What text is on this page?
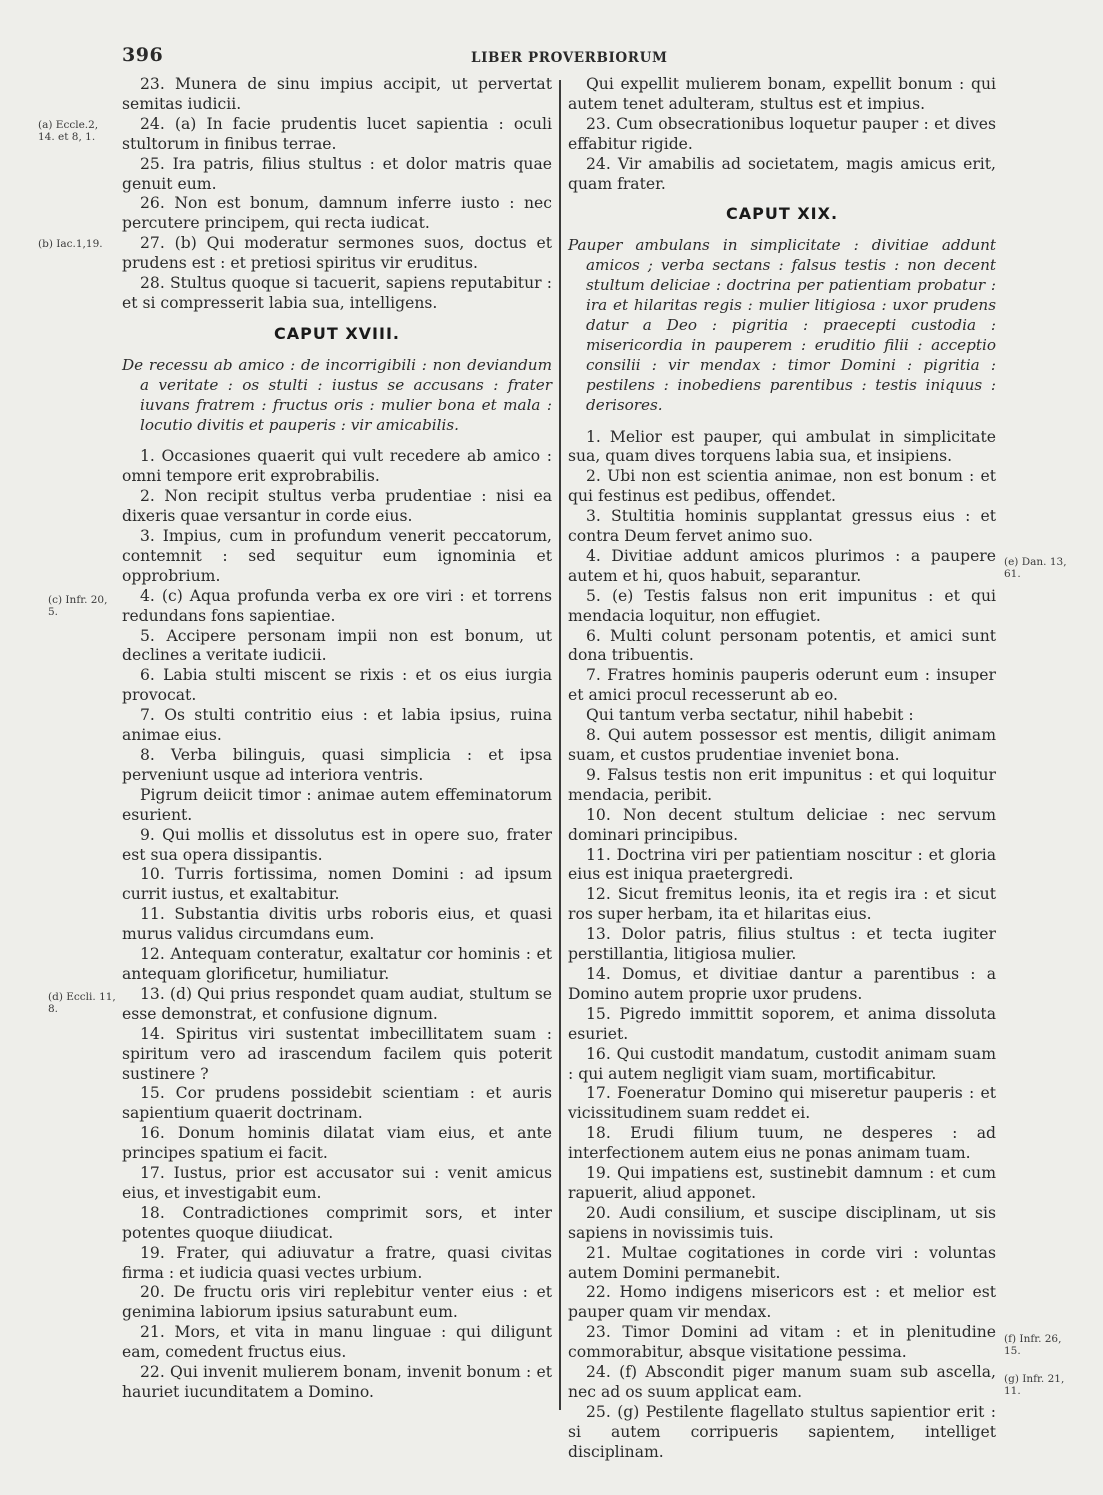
396	LIBER PROVERBIORUM

23. Munera de sinu impius accipit, ut pervertat semitas iudicii.

24. (a) In facie prudentis lucet sapientia : oculi stultorum in finibus terrae.

25. Ira patris, filius stultus : et dolor matris quae genuit eum.

26. Non est bonum, damnum inferre iusto : nec percutere principem, qui recta iudicat.

27. (b) Qui moderatur sermones suos, doctus et prudens est : et pretiosi spiritus vir eruditus.

28. Stultus quoque si tacuerit, sapiens reputabitur : et si compresserit labia sua, intelligens.

CAPUT XVIII.

De recessu ab amico : de incorrigibili : non deviandum a veritate : os stulti : iustus se accusans : frater iuvans fratrem : fructus oris : mulier bona et mala : locutio divitis et pauperis : vir amicabilis.

1. Occasiones quaerit qui vult recedere ab amico : omni tempore erit exprobrabilis.

2. Non recipit stultus verba prudentiae : nisi ea dixeris quae versantur in corde eius.

3. Impius, cum in profundum venerit peccatorum, contemnit : sed sequitur eum ignominia et opprobrium.

4. (c) Aqua profunda verba ex ore viri : et torrens redundans fons sapientiae.

5. Accipere personam impii non est bonum, ut declines a veritate iudicii.

6. Labia stulti miscent se rixis : et os eius iurgia provocat.

7. Os stulti contritio eius : et labia ipsius, ruina animae eius.

8. Verba bilinguis, quasi simplicia : et ipsa perveniunt usque ad interiora ventris.

Pigrum deiicit timor : animae autem effeminatorum esurient.

9. Qui mollis et dissolutus est in opere suo, frater est sua opera dissipantis.

10. Turris fortissima, nomen Domini : ad ipsum currit iustus, et exaltabitur.

11. Substantia divitis urbs roboris eius, et quasi murus validus circumdans eum.

12. Antequam conteratur, exaltatur cor hominis : et antequam glorificetur, humiliatur.

13. (d) Qui prius respondet quam audiat, stultum se esse demonstrat, et confusione dignum.

14. Spiritus viri sustentat imbecillitatem suam : spiritum vero ad irascendum facilem quis poterit sustinere ?

15. Cor prudens possidebit scientiam : et auris sapientium quaerit doctrinam.

16. Donum hominis dilatat viam eius, et ante principes spatium ei facit.

17. Iustus, prior est accusator sui : venit amicus eius, et investigabit eum.

18. Contradictiones comprimit sors, et inter potentes quoque diiudicat.

19. Frater, qui adiuvatur a fratre, quasi civitas firma : et iudicia quasi vectes urbium.

20. De fructu oris viri replebitur venter eius : et genimina labiorum ipsius saturabunt eum.

21. Mors, et vita in manu linguae : qui diligunt eam, comedent fructus eius.

22. Qui invenit mulierem bonam, invenit bonum : et hauriet iucunditatem a Domino.

Qui expellit mulierem bonam, expellit bonum : qui autem tenet adulteram, stultus est et impius.

23. Cum obsecrationibus loquetur pauper : et dives effabitur rigide.

24. Vir amabilis ad societatem, magis amicus erit, quam frater.

CAPUT XIX.

Pauper ambulans in simplicitate : divitiae addunt amicos ; verba sectans : falsus testis : non decent stultum deliciae : doctrina per patientiam probatur : ira et hilaritas regis : mulier litigiosa : uxor prudens datur a Deo : pigritia : praecepti custodia : misericordia in pauperem : eruditio filii : acceptio consilii : vir mendax : timor Domini : pigritia : pestilens : inobediens parentibus : testis iniquus : derisores.

1. Melior est pauper, qui ambulat in simplicitate sua, quam dives torquens labia sua, et insipiens.

2. Ubi non est scientia animae, non est bonum : et qui festinus est pedibus, offendet.

3. Stultitia hominis supplantat gressus eius : et contra Deum fervet animo suo.

4. Divitiae addunt amicos plurimos : a paupere autem et hi, quos habuit, separantur.

5. (e) Testis falsus non erit impunitus : et qui mendacia loquitur, non effugiet.

6. Multi colunt personam potentis, et amici sunt dona tribuentis.

7. Fratres hominis pauperis oderunt eum : insuper et amici procul recesserunt ab eo.

Qui tantum verba sectatur, nihil habebit :

8. Qui autem possessor est mentis, diligit animam suam, et custos prudentiae inveniet bona.

9. Falsus testis non erit impunitus : et qui loquitur mendacia, peribit.

10. Non decent stultum deliciae : nec servum dominari principibus.

11. Doctrina viri per patientiam noscitur : et gloria eius est iniqua praetergredi.

12. Sicut fremitus leonis, ita et regis ira : et sicut ros super herbam, ita et hilaritas eius.

13. Dolor patris, filius stultus : et tecta iugiter perstillantia, litigiosa mulier.

14. Domus, et divitiae dantur a parentibus : a Domino autem proprie uxor prudens.

15. Pigredo immittit soporem, et anima dissoluta esuriet.

16. Qui custodit mandatum, custodit animam suam : qui autem negligit viam suam, mortificabitur.

17. Foeneratur Domino qui miseretur pauperis : et vicissitudinem suam reddet ei.

18. Erudi filium tuum, ne desperes : ad interfectionem autem eius ne ponas animam tuam.

19. Qui impatiens est, sustinebit damnum : et cum rapuerit, aliud apponet.

20. Audi consilium, et suscipe disciplinam, ut sis sapiens in novissimis tuis.

21. Multae cogitationes in corde viri : voluntas autem Domini permanebit.

22. Homo indigens misericors est : et melior est pauper quam vir mendax.

23. Timor Domini ad vitam : et in plenitudine commorabitur, absque visitatione pessima.

24. (f) Abscondit piger manum suam sub ascella, nec ad os suum applicat eam.

25. (g) Pestilente flagellato stultus sapientior erit : si autem corripueris sapientem, intelliget disciplinam.

(a) Eccle.2, 14. et 8, 1.
(b) Iac.1,19.
(c) Infr. 20, 5.
(d) Eccli. 11, 8.
(e) Dan. 13, 61.
(f) Infr. 26, 15.
(g) Infr. 21, 11.
